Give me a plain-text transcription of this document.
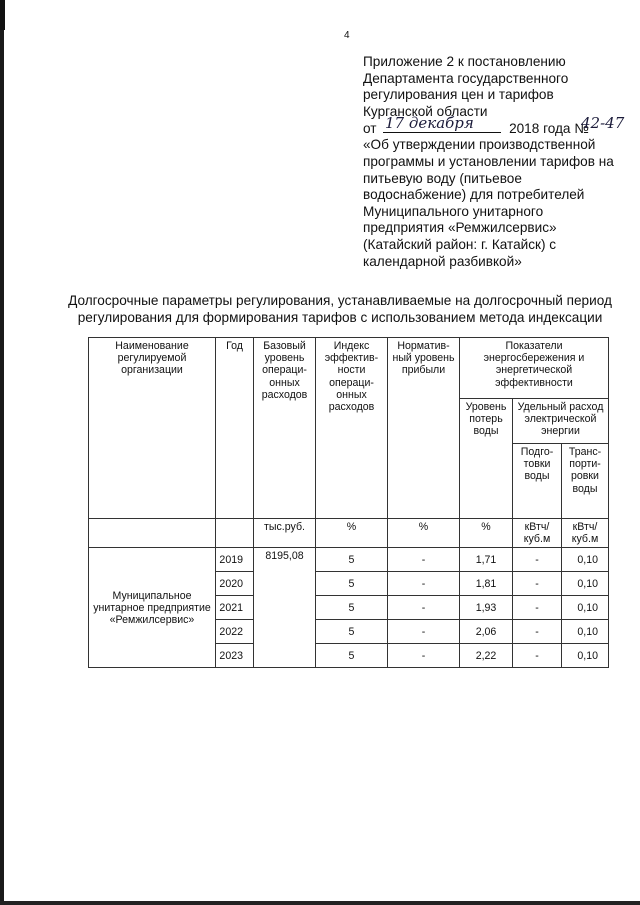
4
Приложение 2 к постановлению
Департамента государственного
регулирования цен и тарифов
Курганской области
от 17 декабря	2018 года №
42-47
«Об утверждении производственной
программы и установлении тарифов на
питьевую воду (питьевое
водоснабжение) для потребителей
Муниципального унитарного
предприятия «Ремжилсервис»
(Катайский район: г. Катайск) с
календарной разбивкой»
Долгосрочные параметры регулирования, устанавливаемые на долгосрочный период
регулирования для формирования тарифов с использованием метода индексации
Наименование регулируемой организации	Год	Базовый уровень операци-онных расходов	Индекс эффектив-ности операци-онных расходов	Норматив-ный уровень прибыли	Показатели энергосбережения и энергетической эффективности		
					Уровень потерь воды	Удельный расход электрической энергии	
						Подго-товки воды	Транс-порти-ровки воды
		тыс.руб.	%	%	%	кВтч/ куб.м	кВтч/ куб.м
Муниципальное унитарное предприятие «Ремжилсервис»	2019	8195,08	5	-	1,71	-	0,10
	2020		5	-	1,81	-	0,10
	2021		5	-	1,93	-	0,10
	2022		5	-	2,06	-	0,10
	2023		5	-	2,22	-	0,10
